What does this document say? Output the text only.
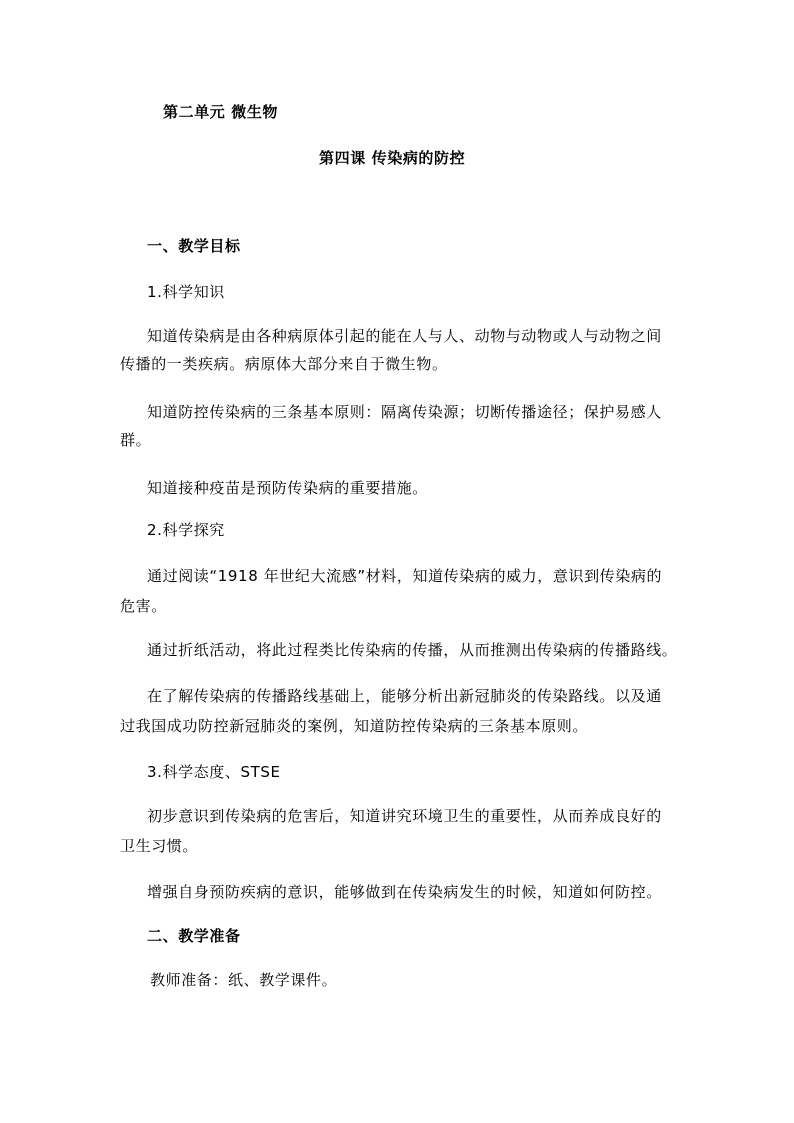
第二单元 微生物
第四课 传染病的防控
一、教学目标
1.科学知识
知道传染病是由各种病原体引起的能在人与人、动物与动物或人与动物之间
传播的一类疾病。病原体大部分来自于微生物。
知道防控传染病的三条基本原则：隔离传染源；切断传播途径；保护易感人
群。
知道接种疫苗是预防传染病的重要措施。
2.科学探究
通过阅读“1918 年世纪大流感”材料，知道传染病的威力，意识到传染病的
危害。
通过折纸活动，将此过程类比传染病的传播，从而推测出传染病的传播路线。
在了解传染病的传播路线基础上，能够分析出新冠肺炎的传染路线。以及通
过我国成功防控新冠肺炎的案例，知道防控传染病的三条基本原则。
3.科学态度、STSE
初步意识到传染病的危害后，知道讲究环境卫生的重要性，从而养成良好的
卫生习惯。
增强自身预防疾病的意识，能够做到在传染病发生的时候，知道如何防控。
二、教学准备
教师准备：纸、教学课件。
